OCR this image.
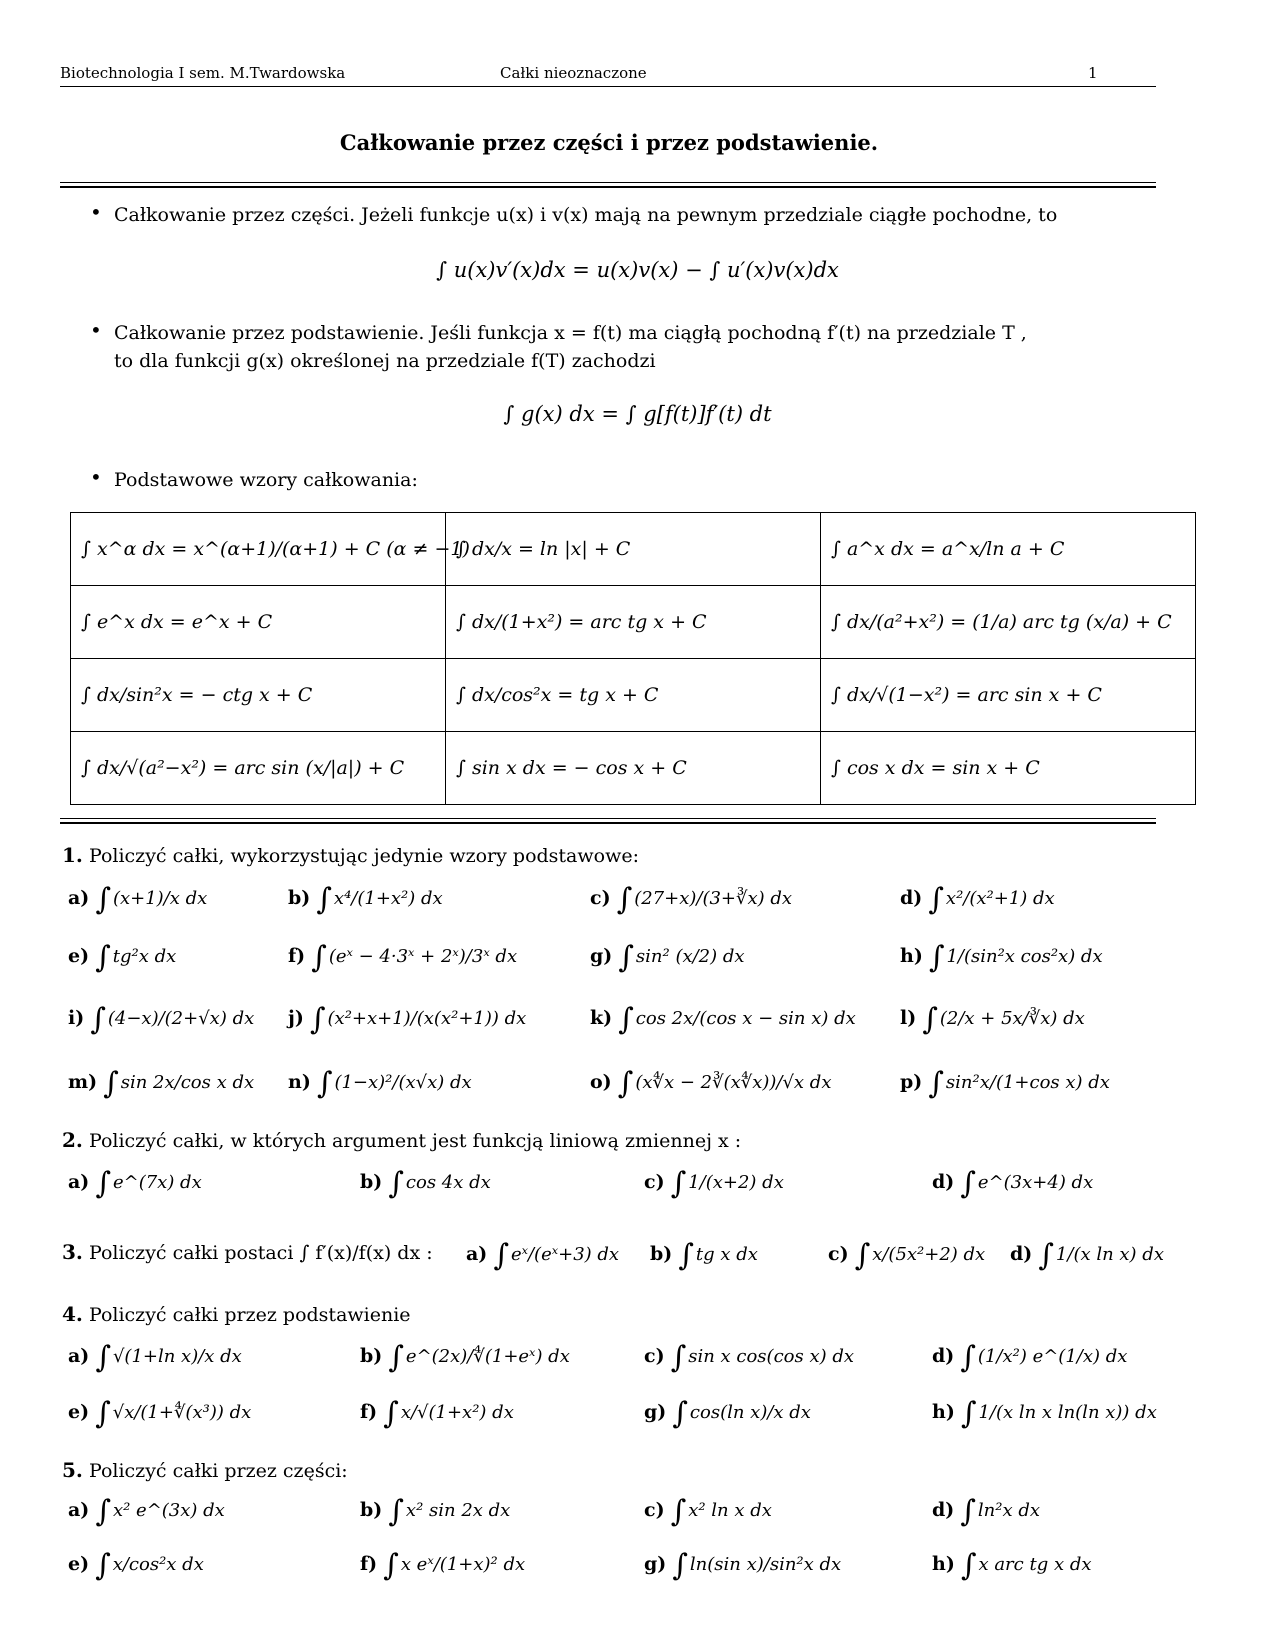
Biotechnologia I sem. M.Twardowska	Całki nieoznaczone	1
Całkowanie przez części i przez podstawienie.
• Całkowanie przez części. Jeżeli funkcje u(x) i v(x) mają na pewnym przedziale ciągłe pochodne, to
∫ u(x)v′(x)dx = u(x)v(x) − ∫ u′(x)v(x)dx
• Całkowanie przez podstawienie. Jeśli funkcja x = f(t) ma ciągłą pochodną f′(t) na przedziale T ,
to dla funkcji g(x) określonej na przedziale f(T) zachodzi
∫ g(x) dx = ∫ g[f(t)]f′(t) dt
• Podstawowe wzory całkowania:
∫ x^α dx = x^(α+1)/(α+1) + C (α ≠ −1)	∫ dx/x = ln |x| + C	∫ a^x dx = a^x/ln a + C
∫ e^x dx = e^x + C	∫ dx/(1+x²) = arc tg x + C	∫ dx/(a²+x²) = (1/a) arc tg (x/a) + C
∫ dx/sin²x = − ctg x + C	∫ dx/cos²x = tg x + C	∫ dx/√(1−x²) = arc sin x + C
∫ dx/√(a²−x²) = arc sin (x/|a|) + C	∫ sin x dx = − cos x + C	∫ cos x dx = sin x + C
1. Policzyć całki, wykorzystując jedynie wzory podstawowe:
a) ∫ (x+1)/x dx	b) ∫ x⁴/(1+x²) dx	c) ∫ (27+x)/(3+∛x) dx	d) ∫ x²/(x²+1) dx
e) ∫ tg²x dx	f) ∫ (eˣ − 4·3ˣ + 2ˣ)/3ˣ dx	g) ∫ sin² (x/2) dx	h) ∫ 1/(sin²x cos²x) dx
i) ∫ (4−x)/(2+√x) dx j) ∫ (x²+x+1)/(x(x²+1)) dx	k) ∫ cos 2x/(cos x − sin x) dx l) ∫ (2/x + 5x/∛x) dx
m) ∫ sin 2x/cos x dx n) ∫ (1−x)²/(x√x) dx	o) ∫ (x∜x − 2∛(x∜x))/√x dx	p) ∫ sin²x/(1+cos x) dx
2. Policzyć całki, w których argument jest funkcją liniową zmiennej x :
a) ∫ e^(7x) dx	b) ∫ cos 4x dx	c) ∫ 1/(x+2) dx	d) ∫ e^(3x+4) dx
3. Policzyć całki postaci ∫ f′(x)/f(x) dx : a) ∫ eˣ/(eˣ+3) dx b) ∫ tg x dx	c) ∫ x/(5x²+2) dx d) ∫ 1/(x ln x) dx
4. Policzyć całki przez podstawienie
a) ∫ √(1+ln x)/x dx	b) ∫ e^(2x)/∜(1+eˣ) dx	c) ∫ sin x cos(cos x) dx	d) ∫ (1/x²) e^(1/x) dx
e) ∫ √x/(1+∜(x³)) dx	f) ∫ x/√(1+x²) dx	g) ∫ cos(ln x)/x dx	h) ∫ 1/(x ln x ln(ln x)) dx
5. Policzyć całki przez części:
a) ∫ x² e^(3x) dx	b) ∫ x² sin 2x dx	c) ∫ x² ln x dx	d) ∫ ln²x dx
e) ∫ x/cos²x dx	f) ∫ x eˣ/(1+x)² dx	g) ∫ ln(sin x)/sin²x dx	h) ∫ x arc tg x dx
